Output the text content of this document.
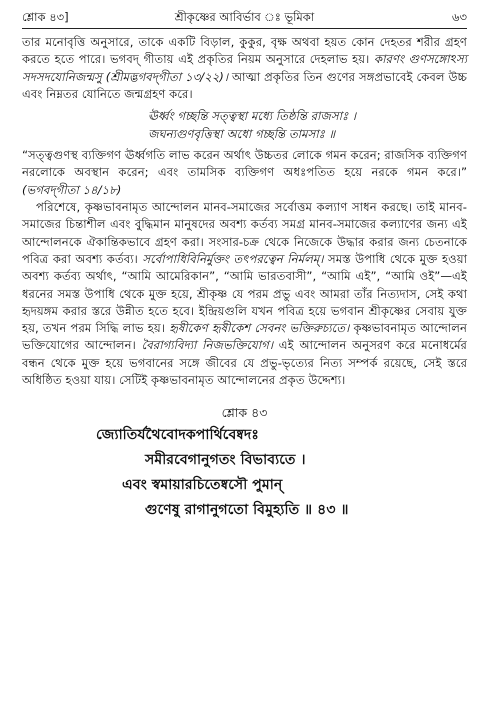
শ্লোক ৪৩]	শ্রীকৃষ্ণের আবির্ভাব ঃ ভূমিকা	৬৩

তার মনোবৃত্তি অনুসারে, তাকে একটি বিড়াল, কুকুর, বৃক্ষ অথবা হয়ত কোন দেহতর শরীর গ্রহণ করতে হতে পারে। ভগবদ্ গীতায় এই প্রকৃতির নিয়ম অনুসারে দেহলাভ হয়। কারণং গুণসঙ্গোঽস্য সদসদযোনিজন্মসু (শ্রীমদ্ভগবদ্‌গীতা ১৩/২২)। আত্মা প্রকৃতির তিন গুণের সঙ্গপ্রভাবেই কেবল উচ্চ এবং নিম্নতর যোনিতে জন্মগ্রহণ করে।

ঊর্ধ্বং গচ্ছন্তি সত্ত্বস্থা মধ্যে তিষ্ঠন্তি রাজসাঃ ।
জঘন্যগুণবৃত্তিস্থা অধো গচ্ছন্তি তামসাঃ ॥

“সত্ত্বগুণস্থ ব্যক্তিগণ ঊর্ধ্বগতি লাভ করেন অর্থাৎ উচ্চতর লোকে গমন করেন; রাজসিক ব্যক্তিগণ নরলোকে অবস্থান করেন; এবং তামসিক ব্যক্তিগণ অধঃপতিত হয়ে নরকে গমন করে।” (ভগবদ্‌গীতা ১৪/১৮)

পরিশেষে, কৃষ্ণভাবনামৃত আন্দোলন মানব-সমাজের সর্বোত্তম কল্যাণ সাধন করছে। তাই মানব-সমাজের চিন্তাশীল এবং বুদ্ধিমান মানুষদের অবশ্য কর্তব্য সমগ্র মানব-সমাজের কল্যাণের জন্য এই আন্দোলনকে ঐকান্তিকভাবে গ্রহণ করা। সংসার-চক্র থেকে নিজেকে উদ্ধার করার জন্য চেতনাকে পবিত্র করা অবশ্য কর্তব্য। সর্বোপাধিবিনির্মুক্তং তৎপরত্বেন নির্মলম্। সমস্ত উপাধি থেকে মুক্ত হওয়া অবশ্য কর্তব্য অর্থাৎ, “আমি আমেরিকান”, “আমি ভারতবাসী”, “আমি এই”, “আমি ওই”—এই ধরনের সমস্ত উপাধি থেকে মুক্ত হয়ে, শ্রীকৃষ্ণ যে পরম প্রভু এবং আমরা তাঁর নিত্যদাস, সেই কথা হৃদয়ঙ্গম করার স্তরে উন্নীত হতে হবে। ইন্দ্রিয়গুলি যখন পবিত্র হয়ে ভগবান শ্রীকৃষ্ণের সেবায় যুক্ত হয়, তখন পরম সিদ্ধি লাভ হয়। হৃষীকেণ হৃষীকেশ সেবনং ভক্তিরুচ্যতে। কৃষ্ণভাবনামৃত আন্দোলন ভক্তিযোগের আন্দোলন। বৈরাগ্যবিদ্যা নিজভক্তিযোগ। এই আন্দোলন অনুসরণ করে মনোধর্মের বন্ধন থেকে মুক্ত হয়ে ভগবানের সঙ্গে জীবের যে প্রভু-ভৃত্যের নিত্য সম্পর্ক রয়েছে, সেই স্তরে অধিষ্ঠিত হওয়া যায়। সেটিই কৃষ্ণভাবনামৃত আন্দোলনের প্রকৃত উদ্দেশ্য।

শ্লোক ৪৩
জ্যোতির্যথৈবোদকপার্থিবেষ্বদঃ
সমীরবেগানুগতং বিভাব্যতে ।
এবং স্বমায়ারচিতেষ্বসৌ পুমান্
গুণেষু রাগানুগতো বিমুহ্যতি ॥ ৪৩ ॥
